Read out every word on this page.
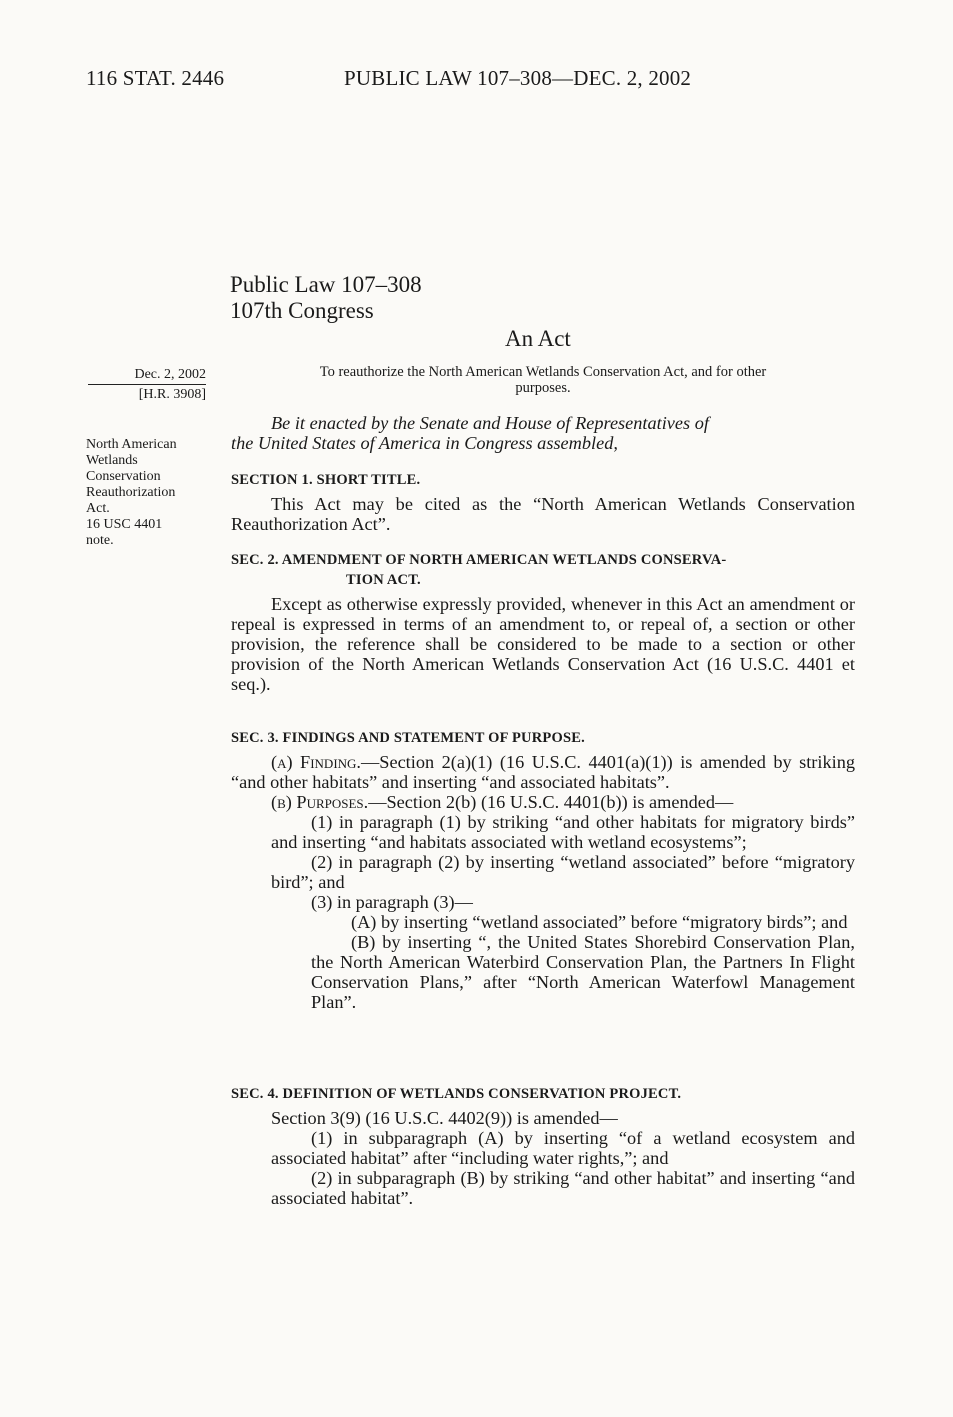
116 STAT. 2446	PUBLIC LAW 107–308—DEC. 2, 2002
Public Law 107–308
107th Congress
An Act
Dec. 2, 2002
[H.R. 3908]
North American
Wetlands
Conservation
Reauthorization
Act.
16 USC 4401
note.
To reauthorize the North American Wetlands Conservation Act, and for other
purposes.
Be it enacted by the Senate and House of Representatives of
the United States of America in Congress assembled,
SECTION 1. SHORT TITLE.

This Act may be cited as the “North American Wetlands Conservation Reauthorization Act”.

SEC. 2. AMENDMENT OF NORTH AMERICAN WETLANDS CONSERVA-
TION ACT.

Except as otherwise expressly provided, whenever in this Act an amendment or repeal is expressed in terms of an amendment to, or repeal of, a section or other provision, the reference shall be considered to be made to a section or other provision of the North American Wetlands Conservation Act (16 U.S.C. 4401 et seq.).

SEC. 3. FINDINGS AND STATEMENT OF PURPOSE.

(a) Finding.—Section 2(a)(1) (16 U.S.C. 4401(a)(1)) is amended by striking “and other habitats” and inserting “and associated habitats”.

(b) Purposes.—Section 2(b) (16 U.S.C. 4401(b)) is amended—

(1) in paragraph (1) by striking “and other habitats for migratory birds” and inserting “and habitats associated with wetland ecosystems”;

(2) in paragraph (2) by inserting “wetland associated” before “migratory bird”; and

(3) in paragraph (3)—

(A) by inserting “wetland associated” before “migratory birds”; and

(B) by inserting “, the United States Shorebird Conservation Plan, the North American Waterbird Conservation Plan, the Partners In Flight Conservation Plans,” after “North American Waterfowl Management Plan”.

SEC. 4. DEFINITION OF WETLANDS CONSERVATION PROJECT.

Section 3(9) (16 U.S.C. 4402(9)) is amended—

(1) in subparagraph (A) by inserting “of a wetland ecosystem and associated habitat” after “including water rights,”; and

(2) in subparagraph (B) by striking “and other habitat” and inserting “and associated habitat”.
